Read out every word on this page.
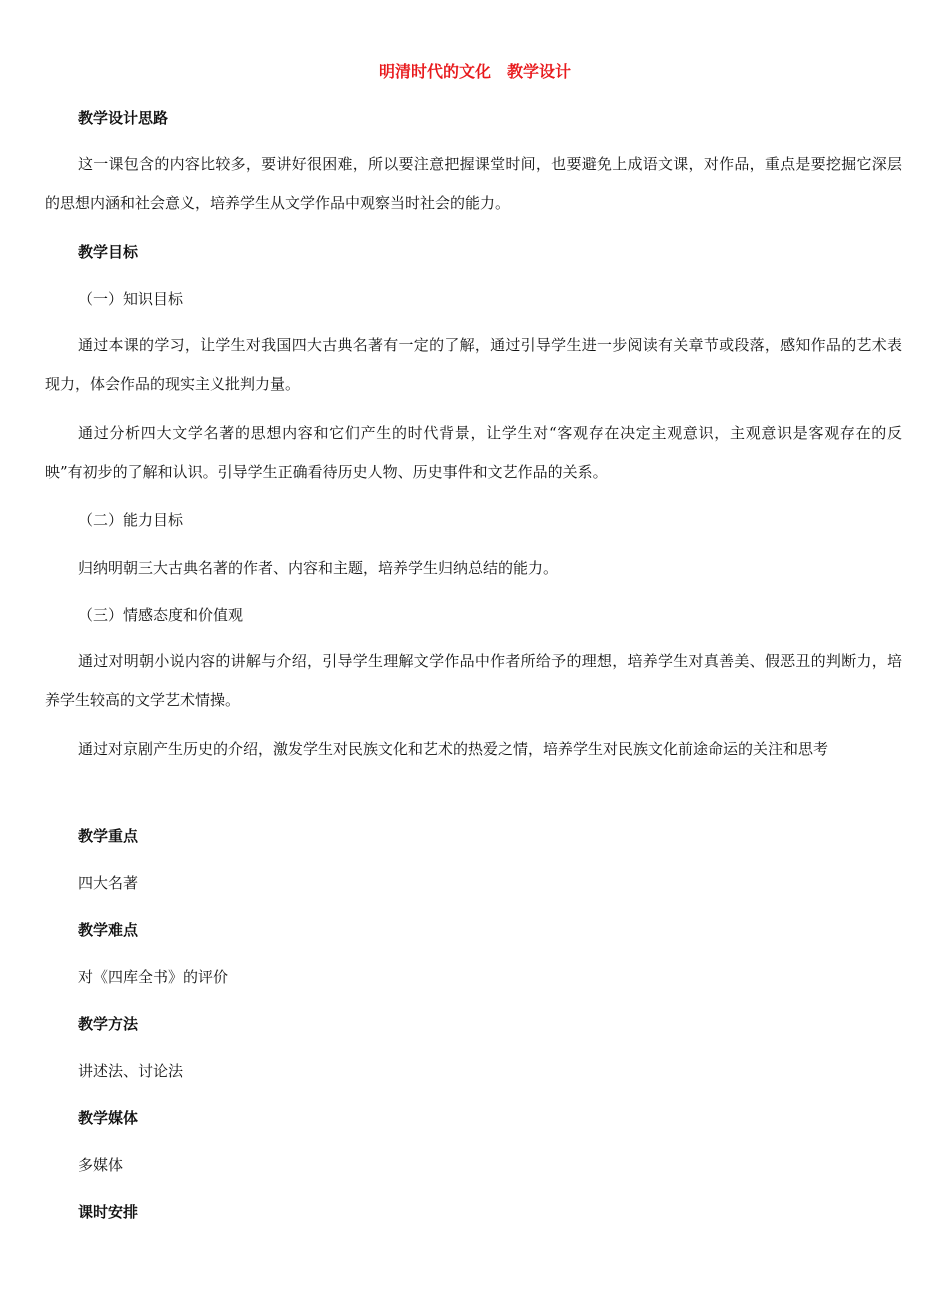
明清时代的文化　教学设计
教学设计思路
这一课包含的内容比较多，要讲好很困难，所以要注意把握课堂时间，也要避免上成语文课，对作品，重点是要挖掘它深层的思想内涵和社会意义，培养学生从文学作品中观察当时社会的能力。
教学目标
（一）知识目标
通过本课的学习，让学生对我国四大古典名著有一定的了解，通过引导学生进一步阅读有关章节或段落，感知作品的艺术表现力，体会作品的现实主义批判力量。
通过分析四大文学名著的思想内容和它们产生的时代背景，让学生对“客观存在决定主观意识，主观意识是客观存在的反映”有初步的了解和认识。引导学生正确看待历史人物、历史事件和文艺作品的关系。
（二）能力目标
归纳明朝三大古典名著的作者、内容和主题，培养学生归纳总结的能力。
（三）情感态度和价值观
通过对明朝小说内容的讲解与介绍，引导学生理解文学作品中作者所给予的理想，培养学生对真善美、假恶丑的判断力，培养学生较高的文学艺术情操。
通过对京剧产生历史的介绍，激发学生对民族文化和艺术的热爱之情，培养学生对民族文化前途命运的关注和思考
教学重点
四大名著
教学难点
对《四库全书》的评价
教学方法
讲述法、讨论法
教学媒体
多媒体
课时安排
